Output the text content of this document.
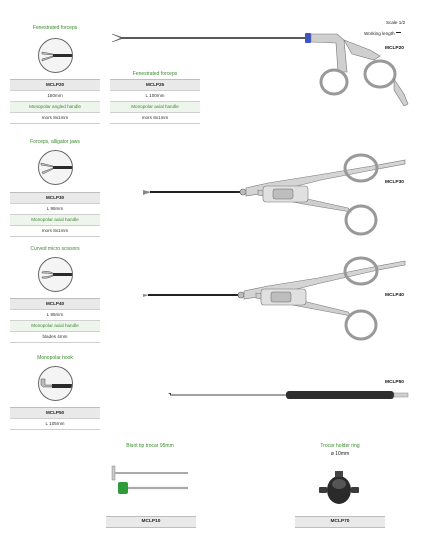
Scale 1/2
Working length
MCLP20
Fenestrated forceps
MCLP20
180mm
Monopolar angled handle
mors 8x1mm
Fenestrated forceps
MCLP25
L 100mm
Monopolar axial handle
mors 8x1mm
Forceps, alligator jaws
MCLP30
L 95mm
Monopolar axial handle
mors 8x1mm
MCLP30
Curved micro scissors
MCLP40
L 95mm
Monopolar axial handle
blades 4mm
MCLP40
Monopolar hook
MCLP50
L 105mm
MCLP50
Blunt tip trocar 95mm
MCLP10
Trocar holder ring
ø 10mm
MCLP70
